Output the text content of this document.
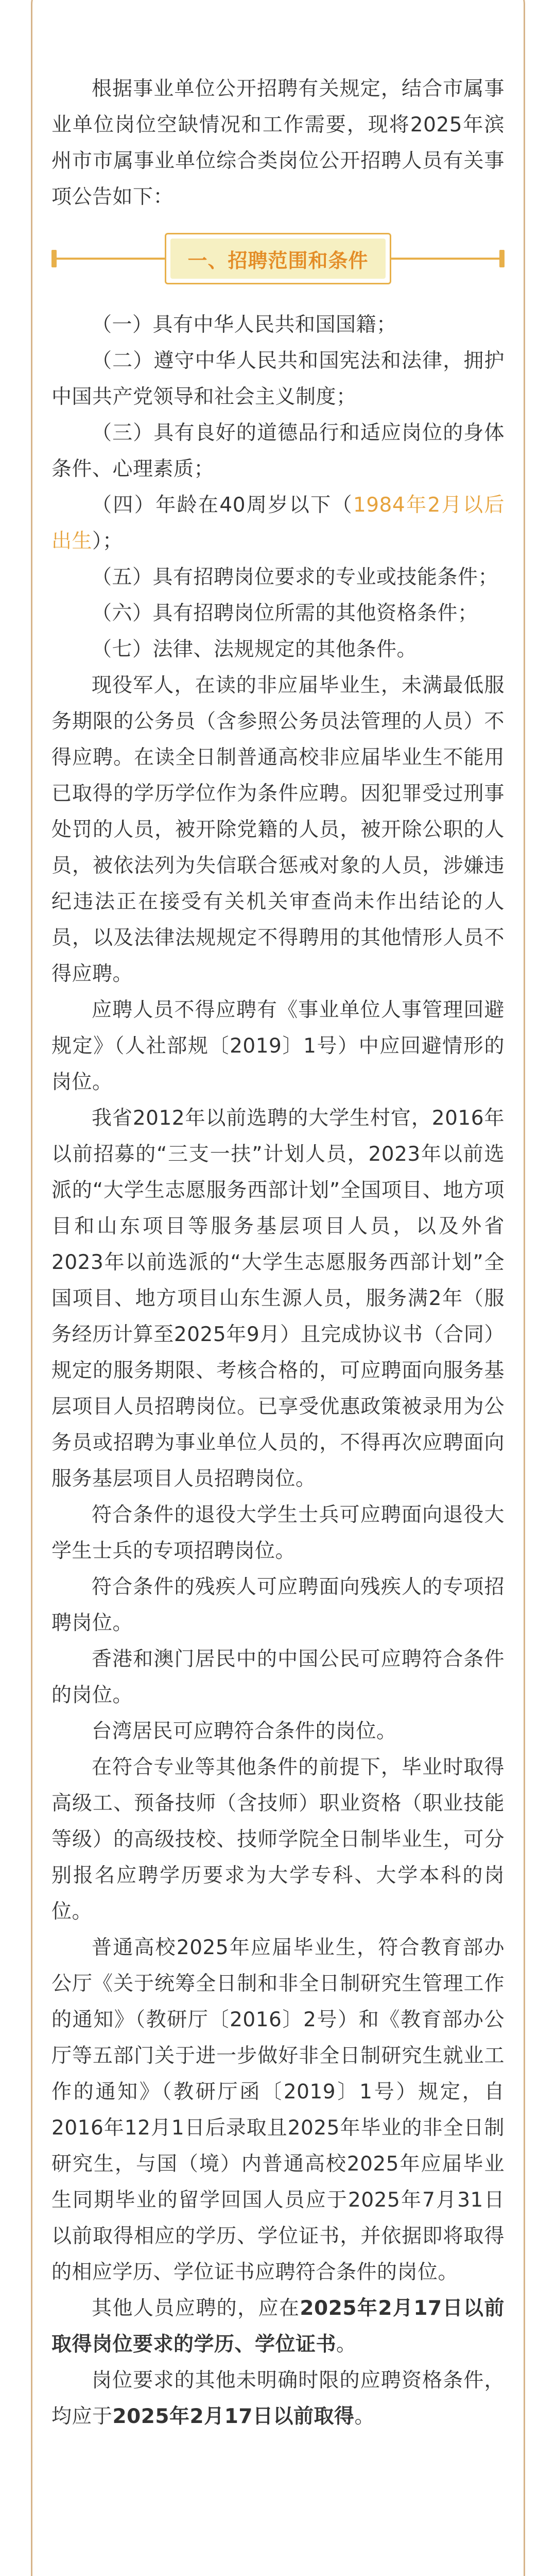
根据事业单位公开招聘有关规定，结合市属事业单位岗位空缺情况和工作需要，现将2025年滨州市市属事业单位综合类岗位公开招聘人员有关事项公告如下：

一、招聘范围和条件

（一）具有中华人民共和国国籍；

（二）遵守中华人民共和国宪法和法律，拥护中国共产党领导和社会主义制度；

（三）具有良好的道德品行和适应岗位的身体条件、心理素质；

（四）年龄在40周岁以下（1984年2月以后出生）；

（五）具有招聘岗位要求的专业或技能条件；

（六）具有招聘岗位所需的其他资格条件；

（七）法律、法规规定的其他条件。

现役军人，在读的非应届毕业生，未满最低服务期限的公务员（含参照公务员法管理的人员）不得应聘。在读全日制普通高校非应届毕业生不能用已取得的学历学位作为条件应聘。因犯罪受过刑事处罚的人员，被开除党籍的人员，被开除公职的人员，被依法列为失信联合惩戒对象的人员，涉嫌违纪违法正在接受有关机关审查尚未作出结论的人员，以及法律法规规定不得聘用的其他情形人员不得应聘。

应聘人员不得应聘有《事业单位人事管理回避规定》（人社部规〔2019〕1号）中应回避情形的岗位。

我省2012年以前选聘的大学生村官，2016年以前招募的“三支一扶”计划人员，2023年以前选派的“大学生志愿服务西部计划”全国项目、地方项目和山东项目等服务基层项目人员，以及外省2023年以前选派的“大学生志愿服务西部计划”全国项目、地方项目山东生源人员，服务满2年（服务经历计算至2025年9月）且完成协议书（合同）规定的服务期限、考核合格的，可应聘面向服务基层项目人员招聘岗位。已享受优惠政策被录用为公务员或招聘为事业单位人员的，不得再次应聘面向服务基层项目人员招聘岗位。

符合条件的退役大学生士兵可应聘面向退役大学生士兵的专项招聘岗位。

符合条件的残疾人可应聘面向残疾人的专项招聘岗位。

香港和澳门居民中的中国公民可应聘符合条件的岗位。

台湾居民可应聘符合条件的岗位。

在符合专业等其他条件的前提下，毕业时取得高级工、预备技师（含技师）职业资格（职业技能等级）的高级技校、技师学院全日制毕业生，可分别报名应聘学历要求为大学专科、大学本科的岗位。

普通高校2025年应届毕业生，符合教育部办公厅《关于统筹全日制和非全日制研究生管理工作的通知》（教研厅〔2016〕2号）和《教育部办公厅等五部门关于进一步做好非全日制研究生就业工作的通知》（教研厅函〔2019〕1号）规定，自2016年12月1日后录取且2025年毕业的非全日制研究生，与国（境）内普通高校2025年应届毕业生同期毕业的留学回国人员应于2025年7月31日以前取得相应的学历、学位证书，并依据即将取得的相应学历、学位证书应聘符合条件的岗位。

其他人员应聘的，应在2025年2月17日以前取得岗位要求的学历、学位证书。

岗位要求的其他未明确时限的应聘资格条件，均应于2025年2月17日以前取得。
